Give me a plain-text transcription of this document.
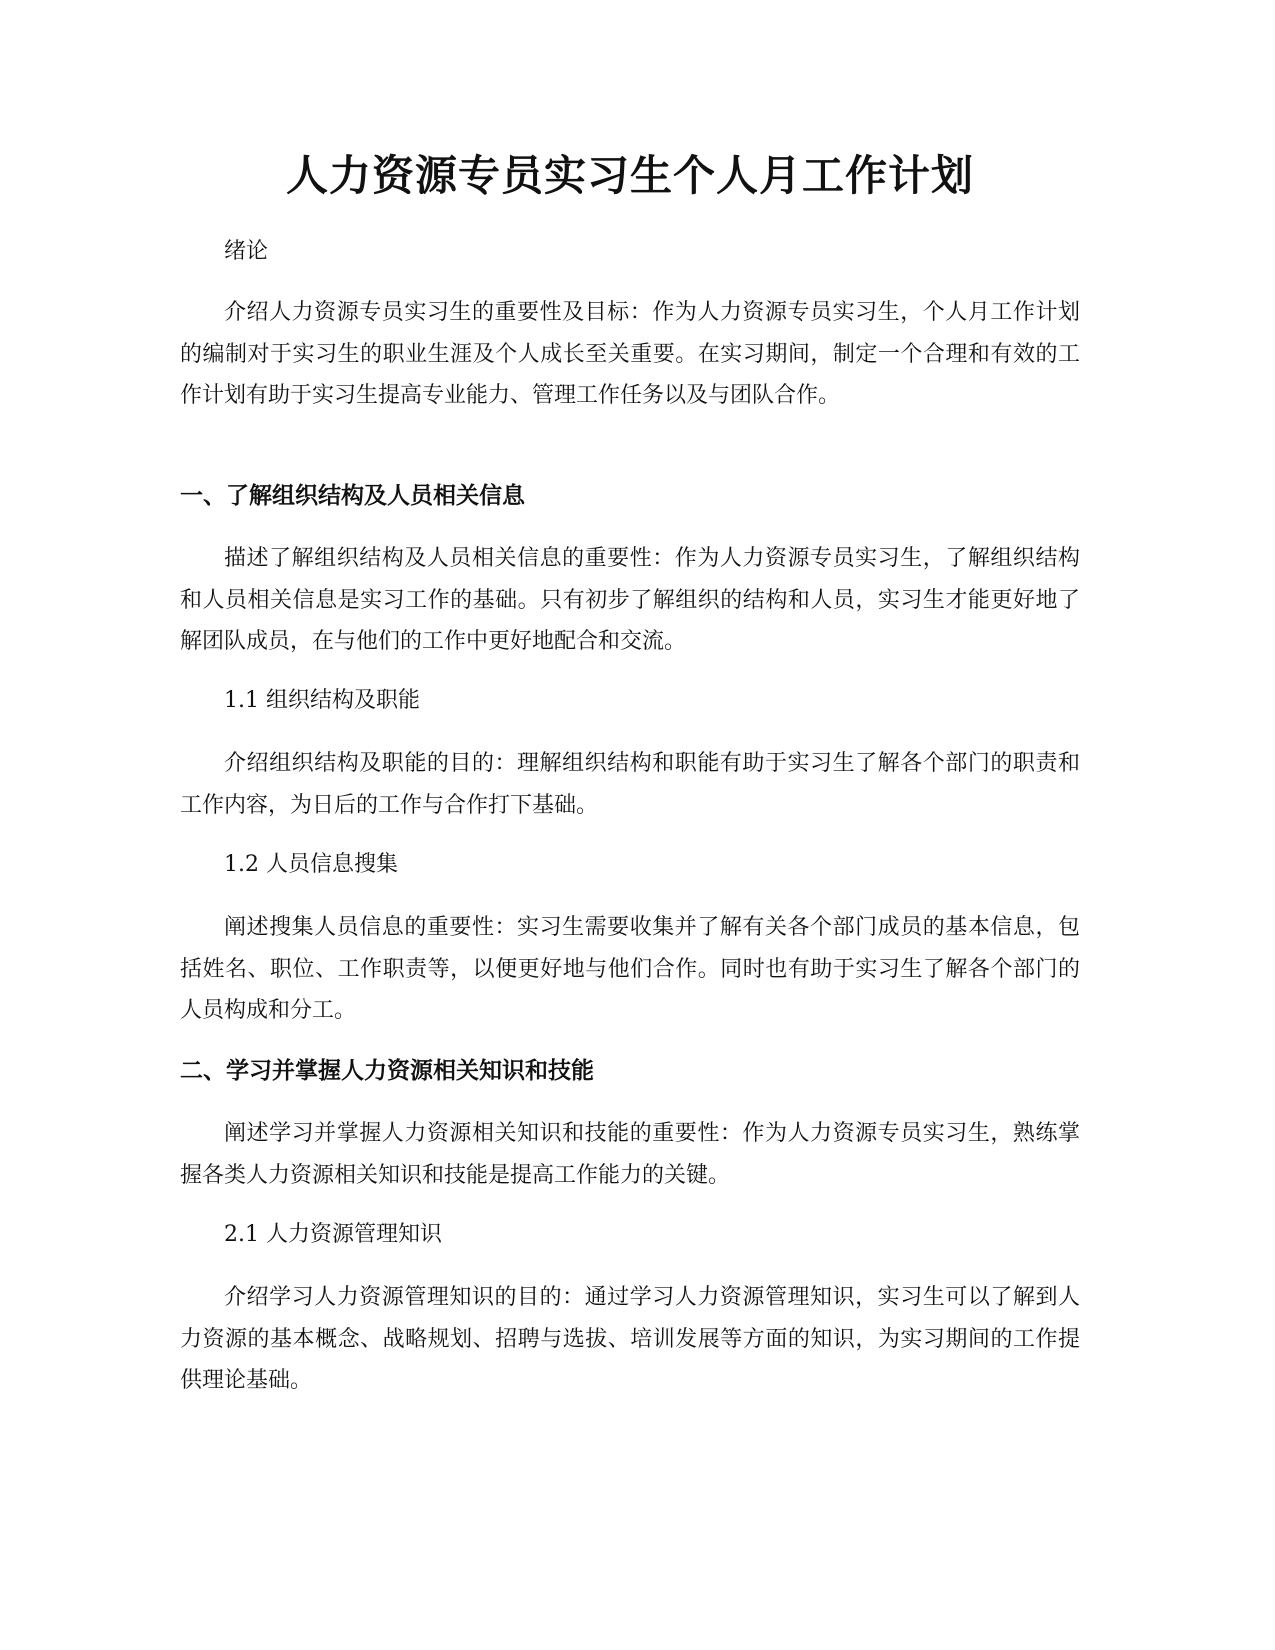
人力资源专员实习生个人月工作计划

绪论

介绍人力资源专员实习生的重要性及目标：作为人力资源专员实习生，个人月工作计划的编制对于实习生的职业生涯及个人成长至关重要。在实习期间，制定一个合理和有效的工作计划有助于实习生提高专业能力、管理工作任务以及与团队合作。

一、了解组织结构及人员相关信息

描述了解组织结构及人员相关信息的重要性：作为人力资源专员实习生，了解组织结构和人员相关信息是实习工作的基础。只有初步了解组织的结构和人员，实习生才能更好地了解团队成员，在与他们的工作中更好地配合和交流。

1.1 组织结构及职能

介绍组织结构及职能的目的：理解组织结构和职能有助于实习生了解各个部门的职责和工作内容，为日后的工作与合作打下基础。

1.2 人员信息搜集

阐述搜集人员信息的重要性：实习生需要收集并了解有关各个部门成员的基本信息，包括姓名、职位、工作职责等，以便更好地与他们合作。同时也有助于实习生了解各个部门的人员构成和分工。

二、学习并掌握人力资源相关知识和技能

阐述学习并掌握人力资源相关知识和技能的重要性：作为人力资源专员实习生，熟练掌握各类人力资源相关知识和技能是提高工作能力的关键。

2.1 人力资源管理知识

介绍学习人力资源管理知识的目的：通过学习人力资源管理知识，实习生可以了解到人力资源的基本概念、战略规划、招聘与选拔、培训发展等方面的知识，为实习期间的工作提供理论基础。
